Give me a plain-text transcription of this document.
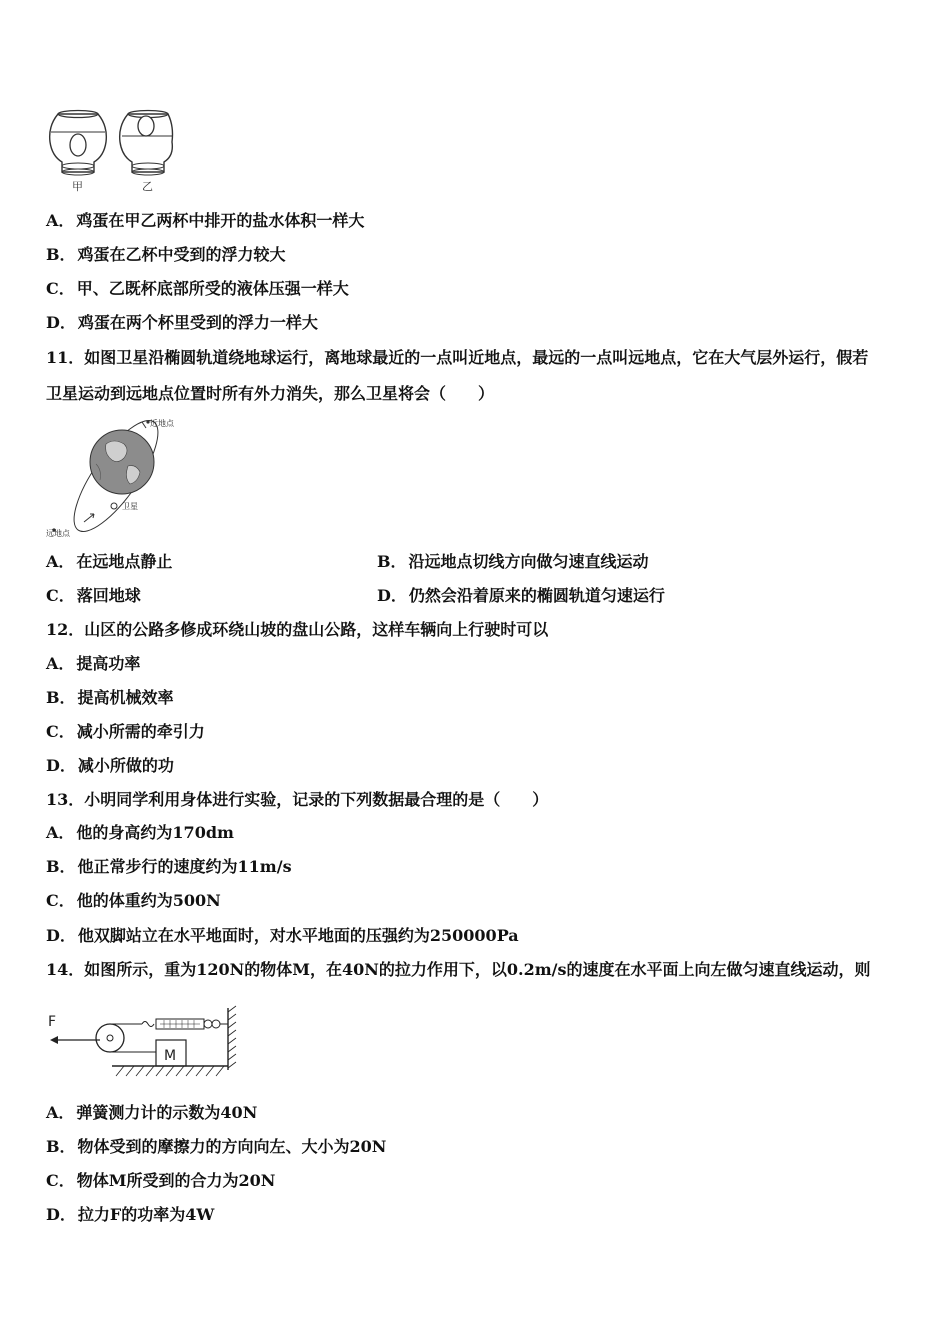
甲	乙
A． 鸡蛋在甲乙两杯中排开的盐水体积一样大
B． 鸡蛋在乙杯中受到的浮力较大
C． 甲、乙既杯底部所受的液体压强一样大
D． 鸡蛋在两个杯里受到的浮力一样大
11．如图卫星沿椭圆轨道绕地球运行，离地球最近的一点叫近地点，最远的一点叫远地点，它在大气层外运行，假若
卫星运动到远地点位置时所有外力消失，那么卫星将会（　　）
近地点
远地点
卫星
A． 在远地点静止	B． 沿远地点切线方向做匀速直线运动
C． 落回地球	D． 仍然会沿着原来的椭圆轨道匀速运行
12．山区的公路多修成环绕山坡的盘山公路，这样车辆向上行驶时可以
A． 提高功率
B． 提高机械效率
C． 减小所需的牵引力
D． 减小所做的功
13．小明同学利用身体进行实验，记录的下列数据最合理的是（　　）
A． 他的身高约为170dm
B． 他正常步行的速度约为11m/s
C． 他的体重约为500N
D． 他双脚站立在水平地面时，对水平地面的压强约为250000Pa
14．如图所示，重为120N的物体M，在40N的拉力作用下，以0.2m/s的速度在水平面上向左做匀速直线运动，则
F
M
A． 弹簧测力计的示数为40N
B． 物体受到的摩擦力的方向向左、大小为20N
C． 物体M所受到的合力为20N
D． 拉力F的功率为4W
